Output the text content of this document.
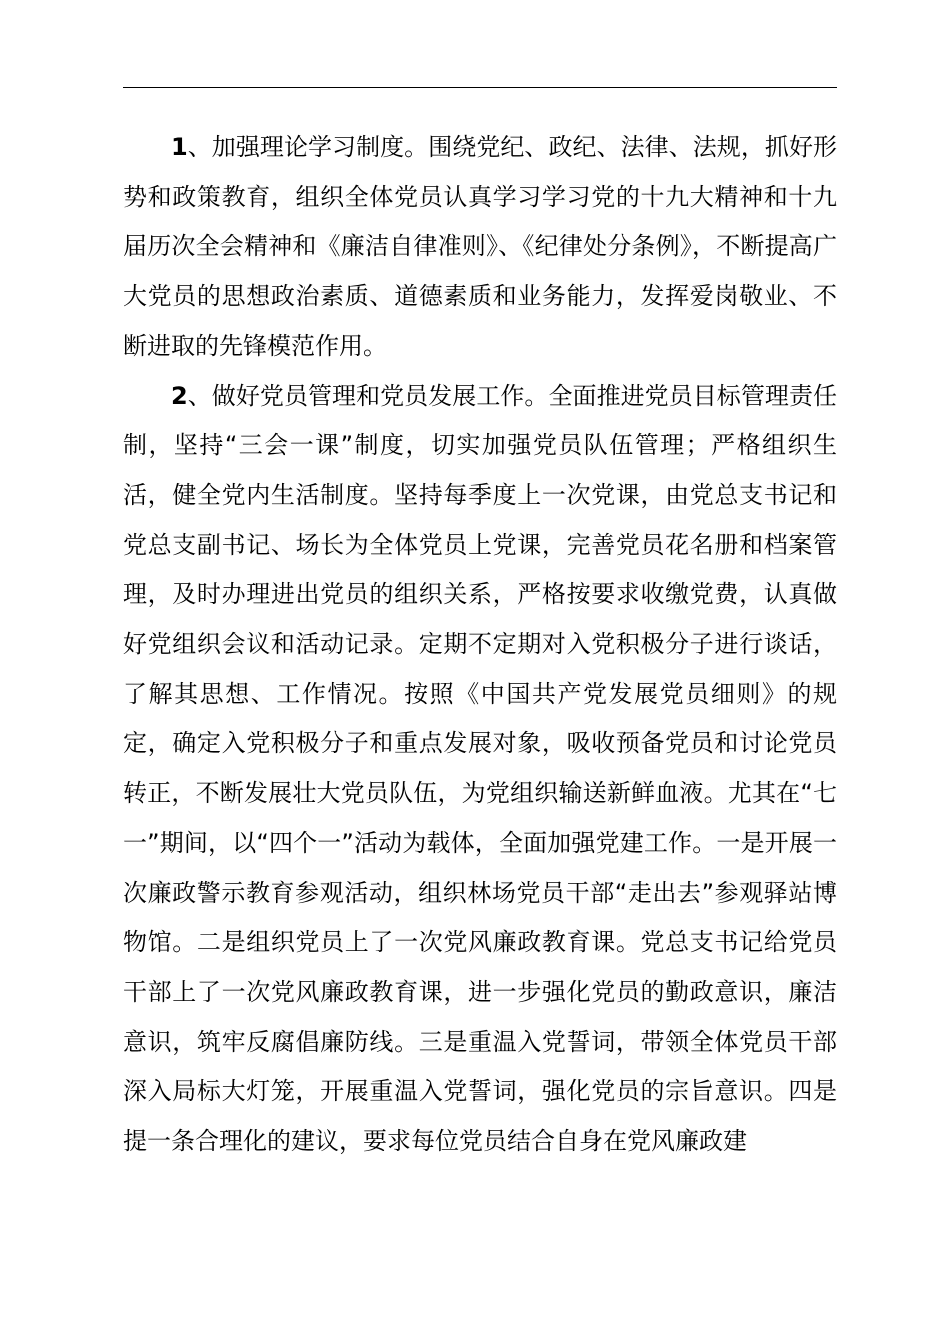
1、加强理论学习制度。围绕党纪、政纪、法律、法规，抓好形势和政策教育，组织全体党员认真学习学习党的十九大精神和十九届历次全会精神和《廉洁自律准则》、《纪律处分条例》，不断提高广大党员的思想政治素质、道德素质和业务能力，发挥爱岗敬业、不断进取的先锋模范作用。

2、做好党员管理和党员发展工作。全面推进党员目标管理责任制，坚持“三会一课”制度，切实加强党员队伍管理；严格组织生活，健全党内生活制度。坚持每季度上一次党课，由党总支书记和党总支副书记、场长为全体党员上党课，完善党员花名册和档案管理，及时办理进出党员的组织关系，严格按要求收缴党费，认真做好党组织会议和活动记录。定期不定期对入党积极分子进行谈话，了解其思想、工作情况。按照《中国共产党发展党员细则》的规定，确定入党积极分子和重点发展对象，吸收预备党员和讨论党员转正，不断发展壮大党员队伍，为党组织输送新鲜血液。尤其在“七一”期间，以“四个一”活动为载体，全面加强党建工作。一是开展一次廉政警示教育参观活动，组织林场党员干部“走出去”参观驿站博物馆。二是组织党员上了一次党风廉政教育课。党总支书记给党员干部上了一次党风廉政教育课，进一步强化党员的勤政意识，廉洁意识，筑牢反腐倡廉防线。三是重温入党誓词，带领全体党员干部深入局标大灯笼，开展重温入党誓词，强化党员的宗旨意识。四是提一条合理化的建议，要求每位党员结合自身在党风廉政建
